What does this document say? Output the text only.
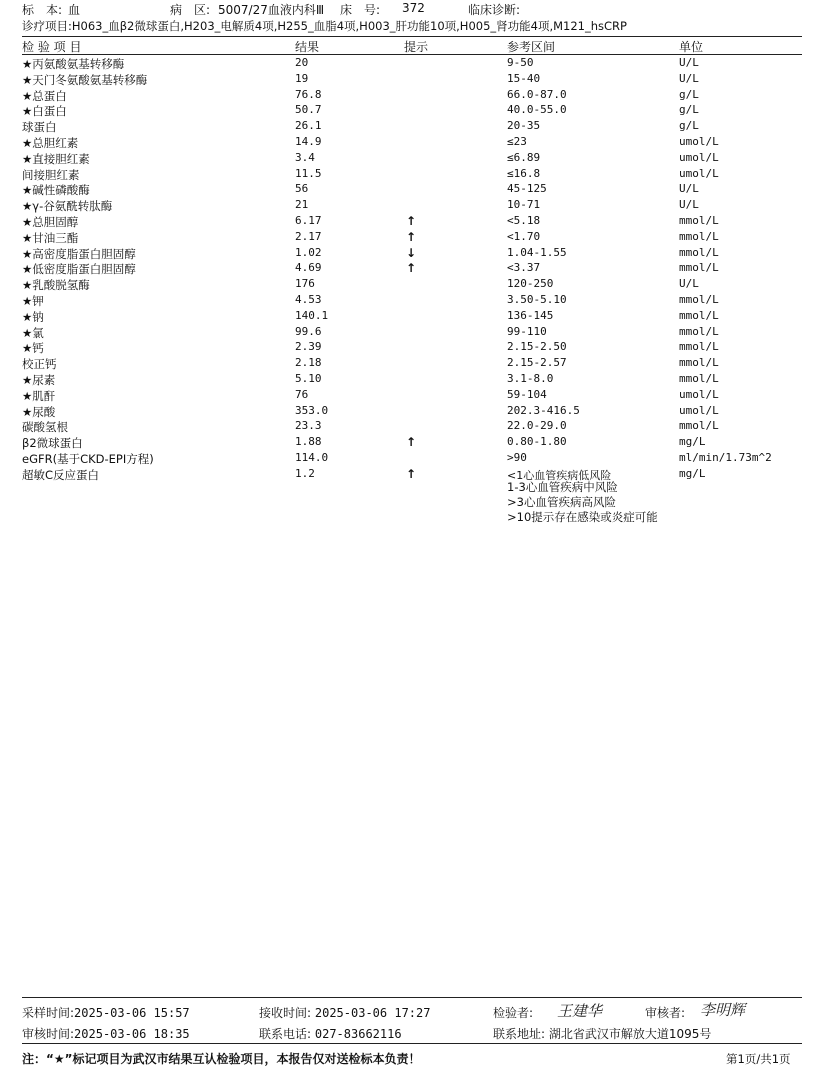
标　本: 血	病　区: 5007/27血液内科Ⅲ 床　号: 372	临床诊断:
诊疗项目:H063_血β2微球蛋白,H203_电解质4项,H255_血脂4项,H003_肝功能10项,H005_肾功能4项,M121_hsCRP
检 验 项 目	结果	提示	参考区间	单位
★丙氨酸氨基转移酶	20	9-50	U/L
★天门冬氨酸氨基转移酶	19	15-40	U/L
★总蛋白	76.8	66.0-87.0	g/L
★白蛋白	50.7	40.0-55.0	g/L
球蛋白	26.1	20-35	g/L
★总胆红素	14.9	≤23	umol/L
★直接胆红素	3.4	≤6.89	umol/L
间接胆红素	11.5	≤16.8	umol/L
★碱性磷酸酶	56	45-125	U/L
★γ-谷氨酰转肽酶	21	10-71	U/L
★总胆固醇	6.17	↑	<5.18	mmol/L
★甘油三酯	2.17	↑	<1.70	mmol/L
★高密度脂蛋白胆固醇	1.02	↓	1.04-1.55	mmol/L
★低密度脂蛋白胆固醇	4.69	↑	<3.37	mmol/L
★乳酸脱氢酶	176	120-250	U/L
★钾	4.53	3.50-5.10	mmol/L
★钠	140.1	136-145	mmol/L
★氯	99.6	99-110	mmol/L
★钙	2.39	2.15-2.50	mmol/L
校正钙	2.18	2.15-2.57	mmol/L
★尿素	5.10	3.1-8.0	mmol/L
★肌酐	76	59-104	umol/L
★尿酸	353.0	202.3-416.5	umol/L
碳酸氢根	23.3	22.0-29.0	mmol/L
β2微球蛋白	1.88	↑	0.80-1.80	mg/L
eGFR(基于CKD-EPI方程)	114.0	>90	ml/min/1.73m^2
超敏C反应蛋白	1.2	↑	<1心血管疾病低风险	mg/L
1-3心血管疾病中风险
>3心血管疾病高风险
>10提示存在感染或炎症可能
采样时间:2025-03-06 15:57	接收时间: 2025-03-06 17:27	检验者: 王建华	审核者: 李明辉
审核时间:2025-03-06 18:35	联系电话: 027-83662116	联系地址: 湖北省武汉市解放大道1095号
注：“★”标记项目为武汉市结果互认检验项目，本报告仅对送检标本负责！	第1页/共1页
